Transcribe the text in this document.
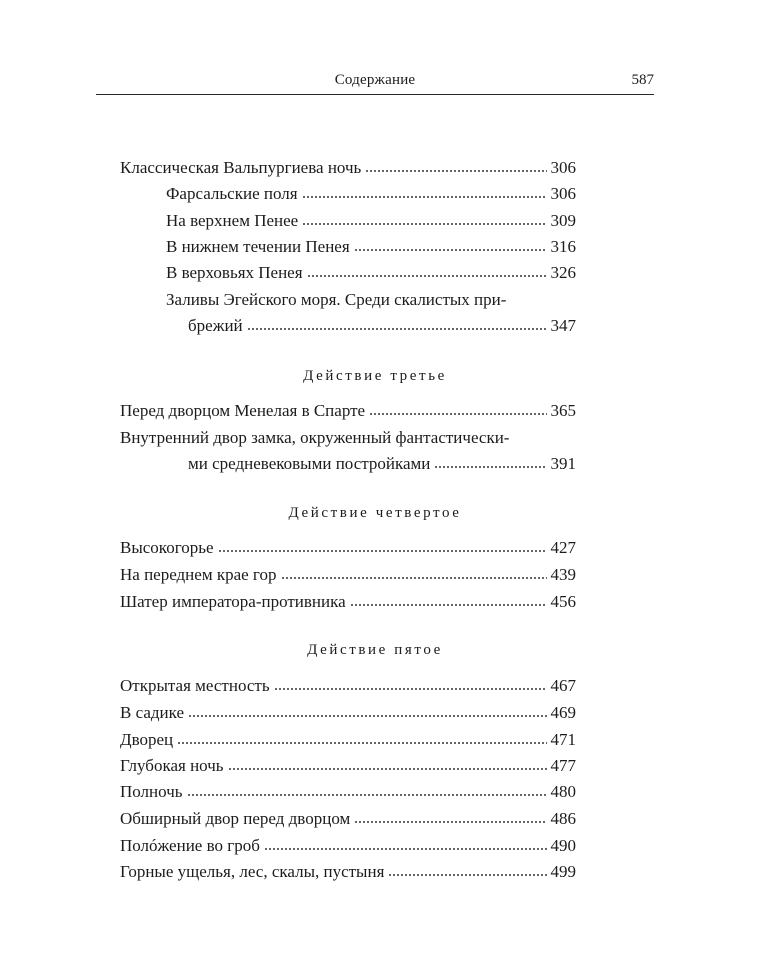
Содержание	587
Классическая Вальпургиева ночь	306
Фарсальские поля	306
На верхнем Пенее	309
В нижнем течении Пенея	316
В верховьях Пенея	326
Заливы Эгейского моря. Среди скалистых при-
брежий	347
Действие третье
Перед дворцом Менелая в Спарте	365
Внутренний двор замка, окруженный фантастически-
ми средневековыми постройками	391
Действие четвертое
Высокогорье	427
На переднем крае гор	439
Шатер императора-противника	456
Действие пятое
Открытая местность	467
В садике	469
Дворец	471
Глубокая ночь	477
Полночь	480
Обширный двор перед дворцом	486
Полóжение во гроб	490
Горные ущелья, лес, скалы, пустыня	499
